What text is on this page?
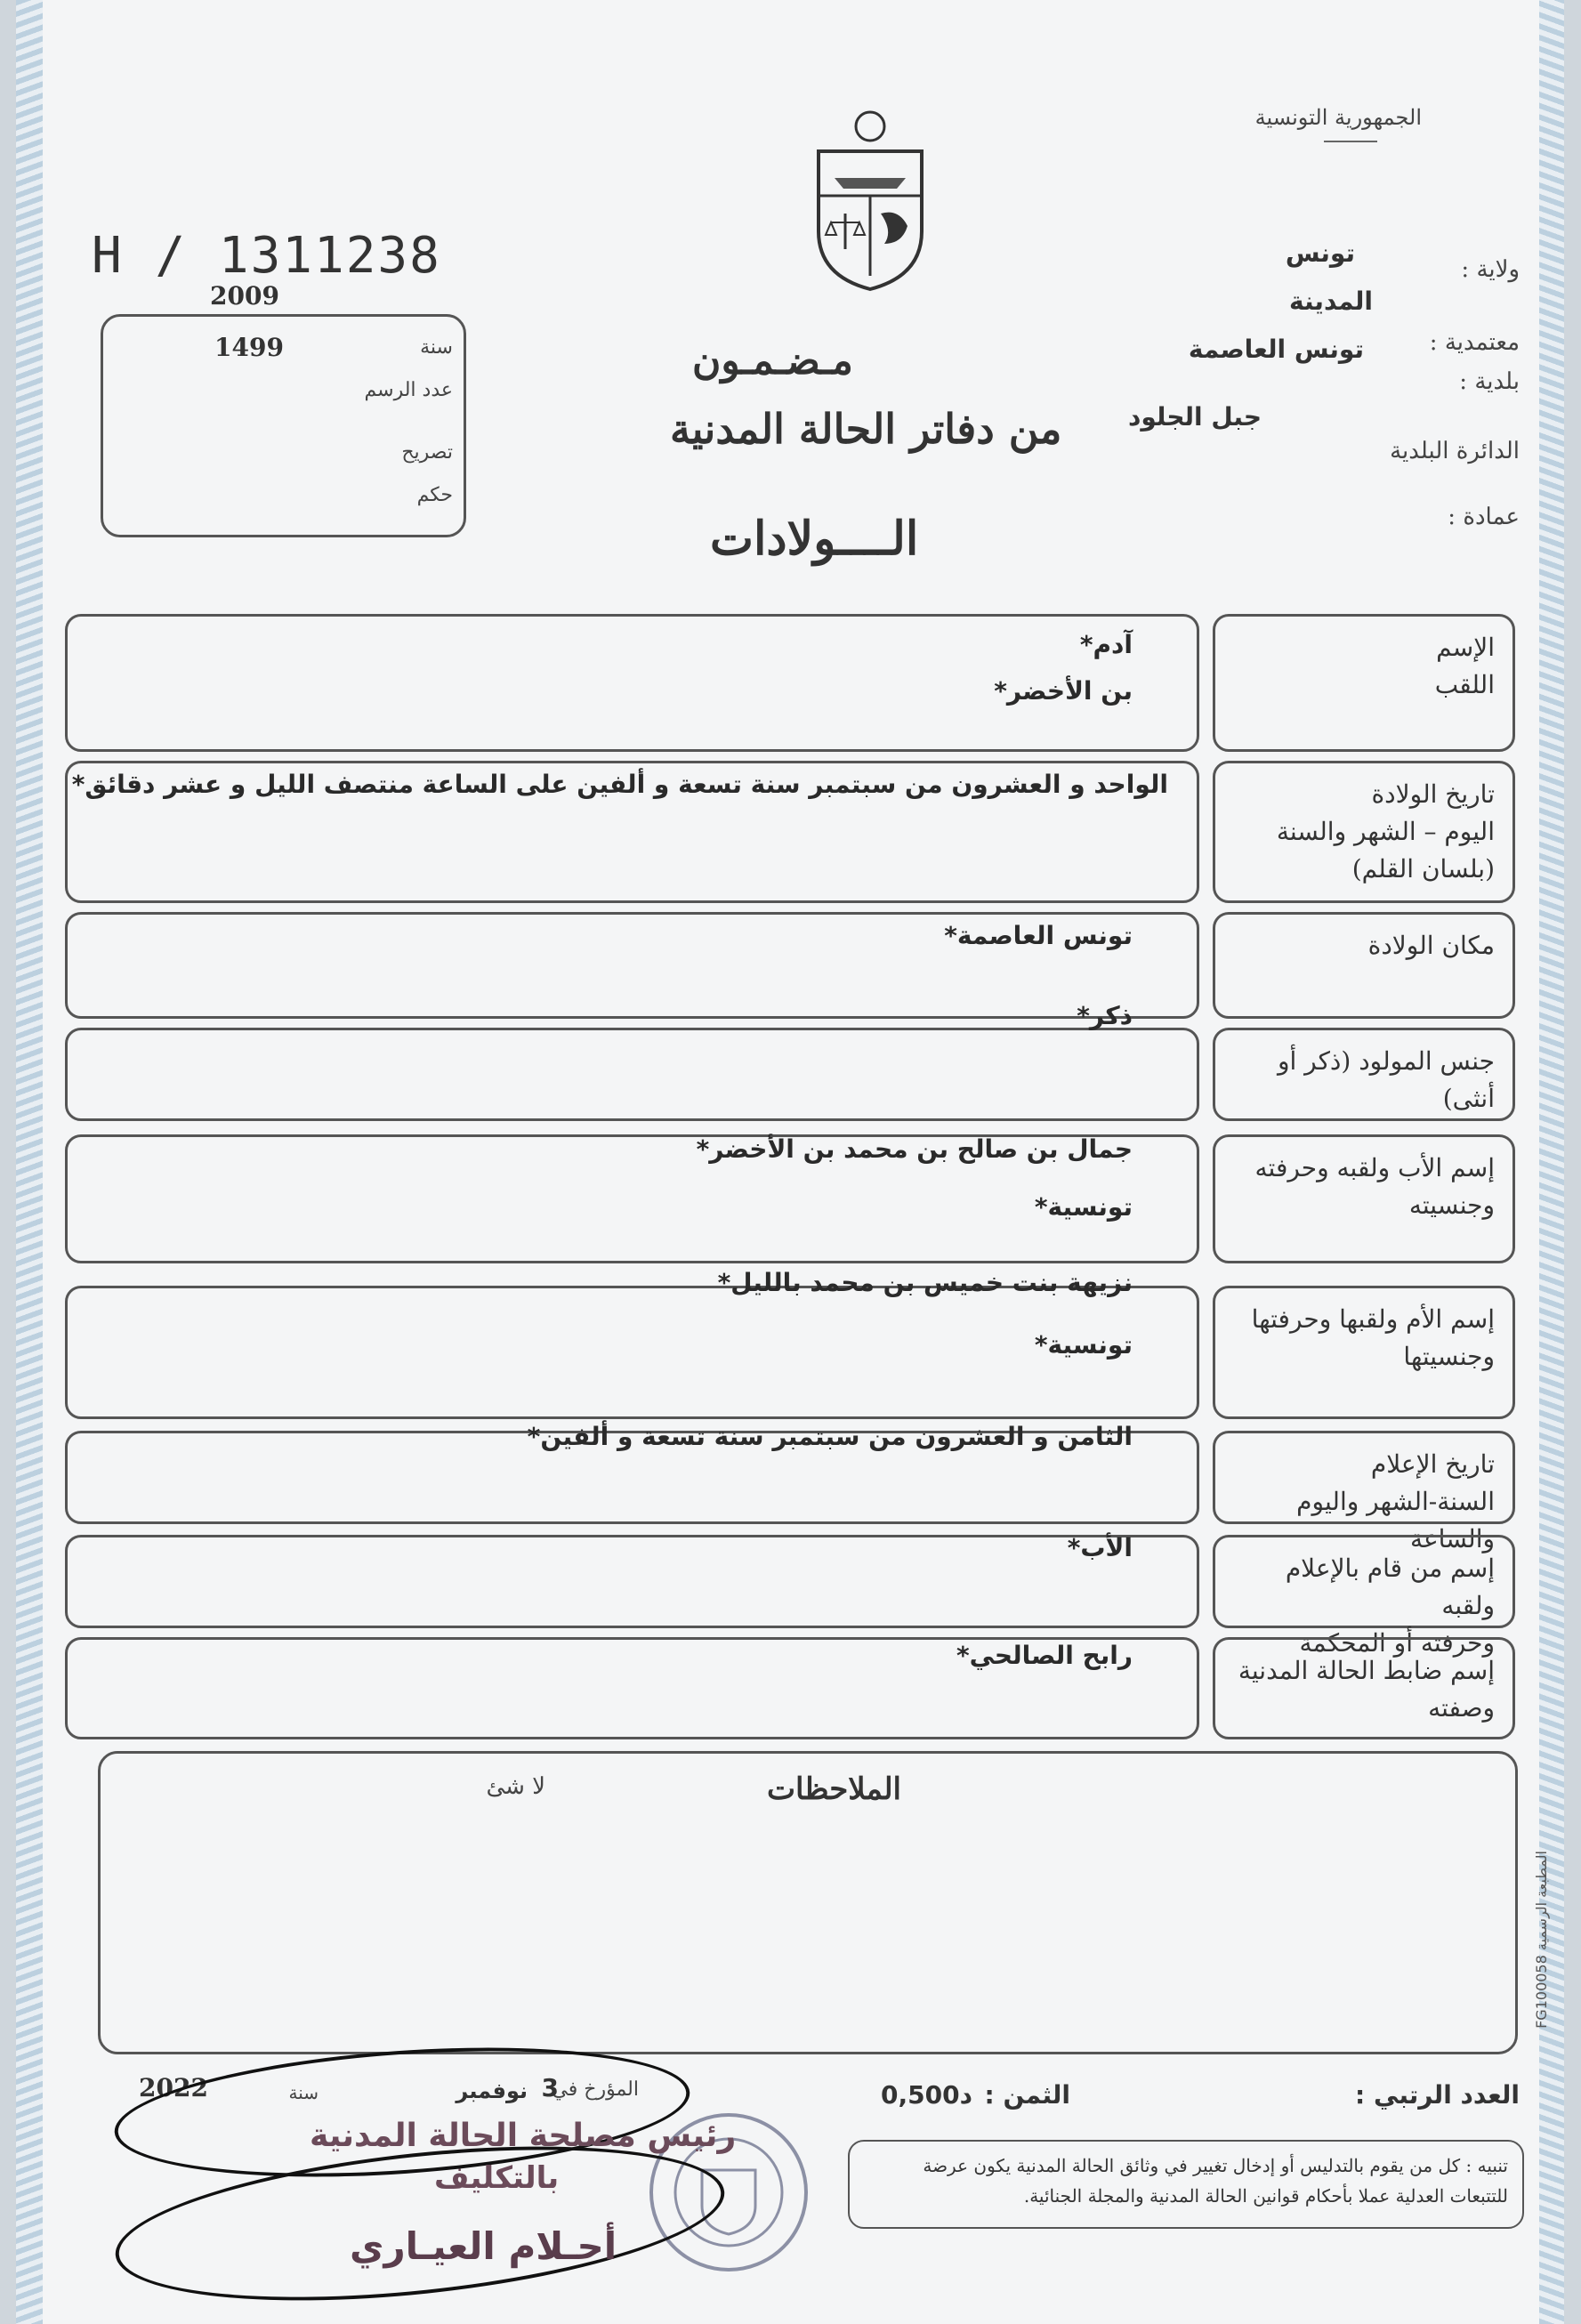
الجمهورية التونسية
ولاية :
تونس
المدينة
معتمدية :
تونس العاصمة
بلدية :
جبل الجلود
الدائرة البلدية
عمادة :
H / 1311238
2009
سنة
1499
عدد الرسم
تصريح
حكم
مـضـمـون
من دفاتر الحالة المدنية
الــــولادات
الإسم
اللقب
تاريخ الولادة
اليوم – الشهر والسنة
(بلسان القلم)
مكان الولادة
جنس المولود (ذكر أو أنثى)
إسم الأب ولقبه وحرفته
وجنسيته
إسم الأم ولقبها وحرفتها
وجنسيتها
تاريخ الإعلام
السنة-الشهر واليوم والساعة
إسم من قام بالإعلام ولقبه
وحرفته أو المحكمة
إسم ضابط الحالة المدنية
وصفته
الملاحظات
لا شئ
المطبعة الرسمية FG100058
العدد الرتبي :
الثمن :
0,500د
المؤرخ في
3
نوفمبر
سنة
2022
تنبيه : كل من يقوم بالتدليس أو إدخال تغيير في وثائق الحالة المدنية يكون عرضة للتتبعات العدلية عملا بأحكام قوانين الحالة المدنية والمجلة الجنائية.
رئيس مصلحة الحالة المدنية
بالتكليف
أحـلام العيـاري
آدم*
بن الأخضر*
الواحد و العشرون من سبتمبر سنة تسعة و ألفين على الساعة منتصف الليل و عشر دقائق*
تونس العاصمة*
ذكر*
جمال بن صالح بن محمد بن الأخضر*
تونسية*
نزيهة بنت خميس بن محمد بالليل*
تونسية*
الثامن و العشرون من سبتمبر سنة تسعة و ألفين*
الأب*
رابح الصالحي*
